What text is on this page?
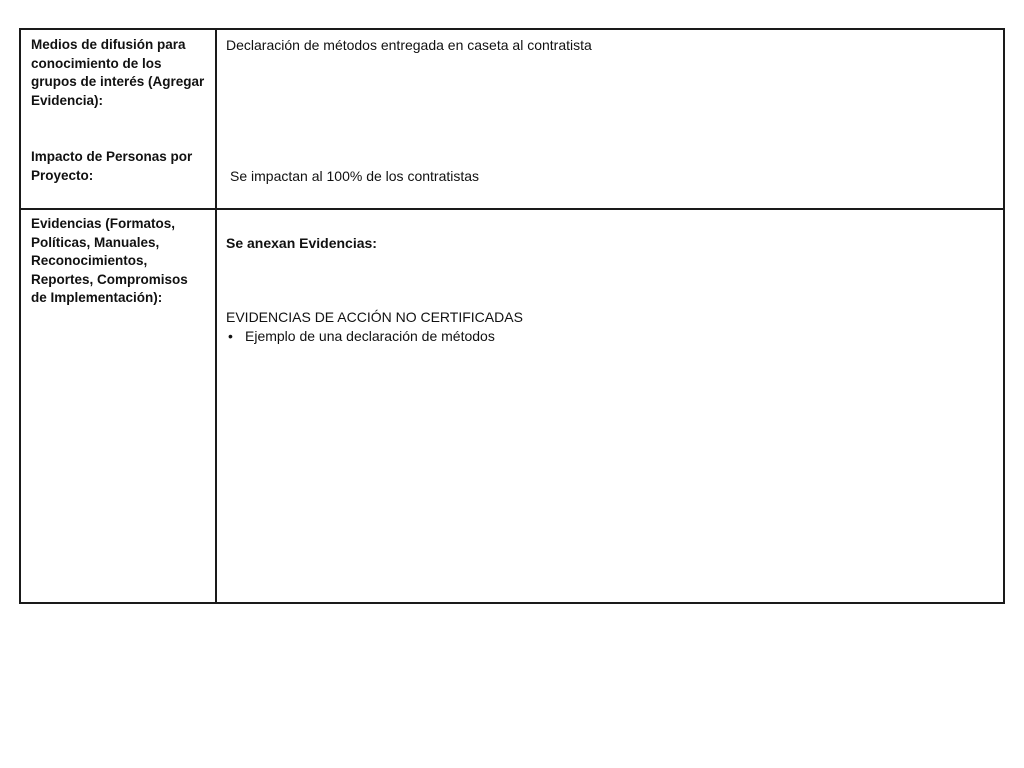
Medios de difusión para conocimiento de los grupos de interés (Agregar Evidencia):

Impacto de Personas por Proyecto:

Declaración de métodos entregada en caseta al contratista

Se impactan al 100% de los contratistas

Evidencias (Formatos, Políticas, Manuales, Reconocimientos, Reportes, Compromisos de Implementación):

Se anexan Evidencias:

EVIDENCIAS DE ACCIÓN NO CERTIFICADAS

• Ejemplo de una declaración de métodos
